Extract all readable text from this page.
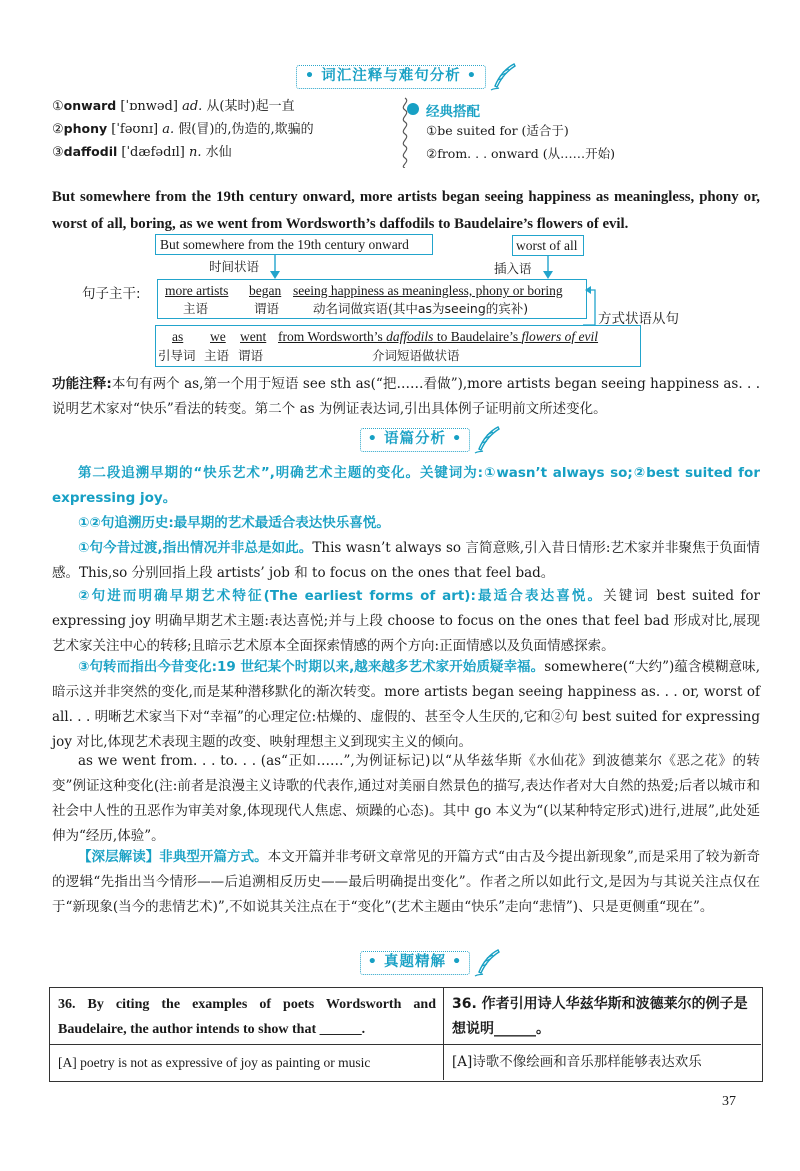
• 词汇注释与难句分析 •
①onward [ˈɒnwəd] ad. 从(某时)起一直
②phony [ˈfəʊnɪ] a. 假(冒)的,伪造的,欺骗的
③daffodil [ˈdæfədɪl] n. 水仙
经典搭配
①be suited for (适合于)
②from. . . onward (从……开始)
But somewhere from the 19th century onward, more artists began seeing happiness as meaningless, phony or, worst of all, boring, as we went from Wordsworth’s daffodils to Baudelaire’s flowers of evil.
But somewhere from the 19th century onward
时间状语
worst of all
插入语
句子主干: more artists
主语
began
谓语
seeing happiness as meaningless, phony or boring
动名词做宾语(其中as为seeing的宾补)
方式状语从句
as
引导词
we
主语
went
谓语
from Wordsworth’s daffodils to Baudelaire’s flowers of evil
介词短语做状语
功能注释:本句有两个 as,第一个用于短语 see sth as(“把……看做”),more artists began seeing happiness as. . . 说明艺术家对“快乐”看法的转变。第二个 as 为例证表达词,引出具体例子证明前文所述变化。
• 语篇分析 •
第二段追溯早期的“快乐艺术”,明确艺术主题的变化。关键词为:①wasn’t always so;②best suited for expressing joy。
①②句追溯历史:最早期的艺术最适合表达快乐喜悦。
①句今昔过渡,指出情况并非总是如此。This wasn’t always so 言简意赅,引入昔日情形:艺术家并非聚焦于负面情感。This,so 分别回指上段 artists’ job 和 to focus on the ones that feel bad。
②句进而明确早期艺术特征(The earliest forms of art):最适合表达喜悦。关键词 best suited for expressing joy 明确早期艺术主题:表达喜悦;并与上段 choose to focus on the ones that feel bad 形成对比,展现艺术家关注中心的转移;且暗示艺术原本全面探索情感的两个方向:正面情感以及负面情感探索。
③句转而指出今昔变化:19 世纪某个时期以来,越来越多艺术家开始质疑幸福。somewhere(“大约”)蕴含模糊意味,暗示这并非突然的变化,而是某种潜移默化的渐次转变。more artists began seeing happiness as. . . or, worst of all. . . 明晰艺术家当下对“幸福”的心理定位:枯燥的、虚假的、甚至令人生厌的,它和②句 best suited for expressing joy 对比,体现艺术表现主题的改变、映射理想主义到现实主义的倾向。
as we went from. . . to. . . (as“正如……”,为例证标记)以“从华兹华斯《水仙花》到波德莱尔《恶之花》的转变”例证这种变化(注:前者是浪漫主义诗歌的代表作,通过对美丽自然景色的描写,表达作者对大自然的热爱;后者以城市和社会中人性的丑恶作为审美对象,体现现代人焦虑、烦躁的心态)。其中 go 本义为“(以某种特定形式)进行,进展”,此处延伸为“经历,体验”。
【深层解读】非典型开篇方式。本文开篇并非考研文章常见的开篇方式“由古及今提出新现象”,而是采用了较为新奇的逻辑“先指出当今情形——后追溯相反历史——最后明确提出变化”。作者之所以如此行文,是因为与其说关注点仅在于“新现象(当今的悲情艺术)”,不如说其关注点在于“变化”(艺术主题由“快乐”走向“悲情”)、只是更侧重“现在”。
• 真题精解 •
36. By citing the examples of poets Wordsworth and Baudelaire, the author intends to show that ______.
36. 作者引用诗人华兹华斯和波德莱尔的例子是想说明______。
[A] poetry is not as expressive of joy as painting or music	[A]诗歌不像绘画和音乐那样能够表达欢乐
37
